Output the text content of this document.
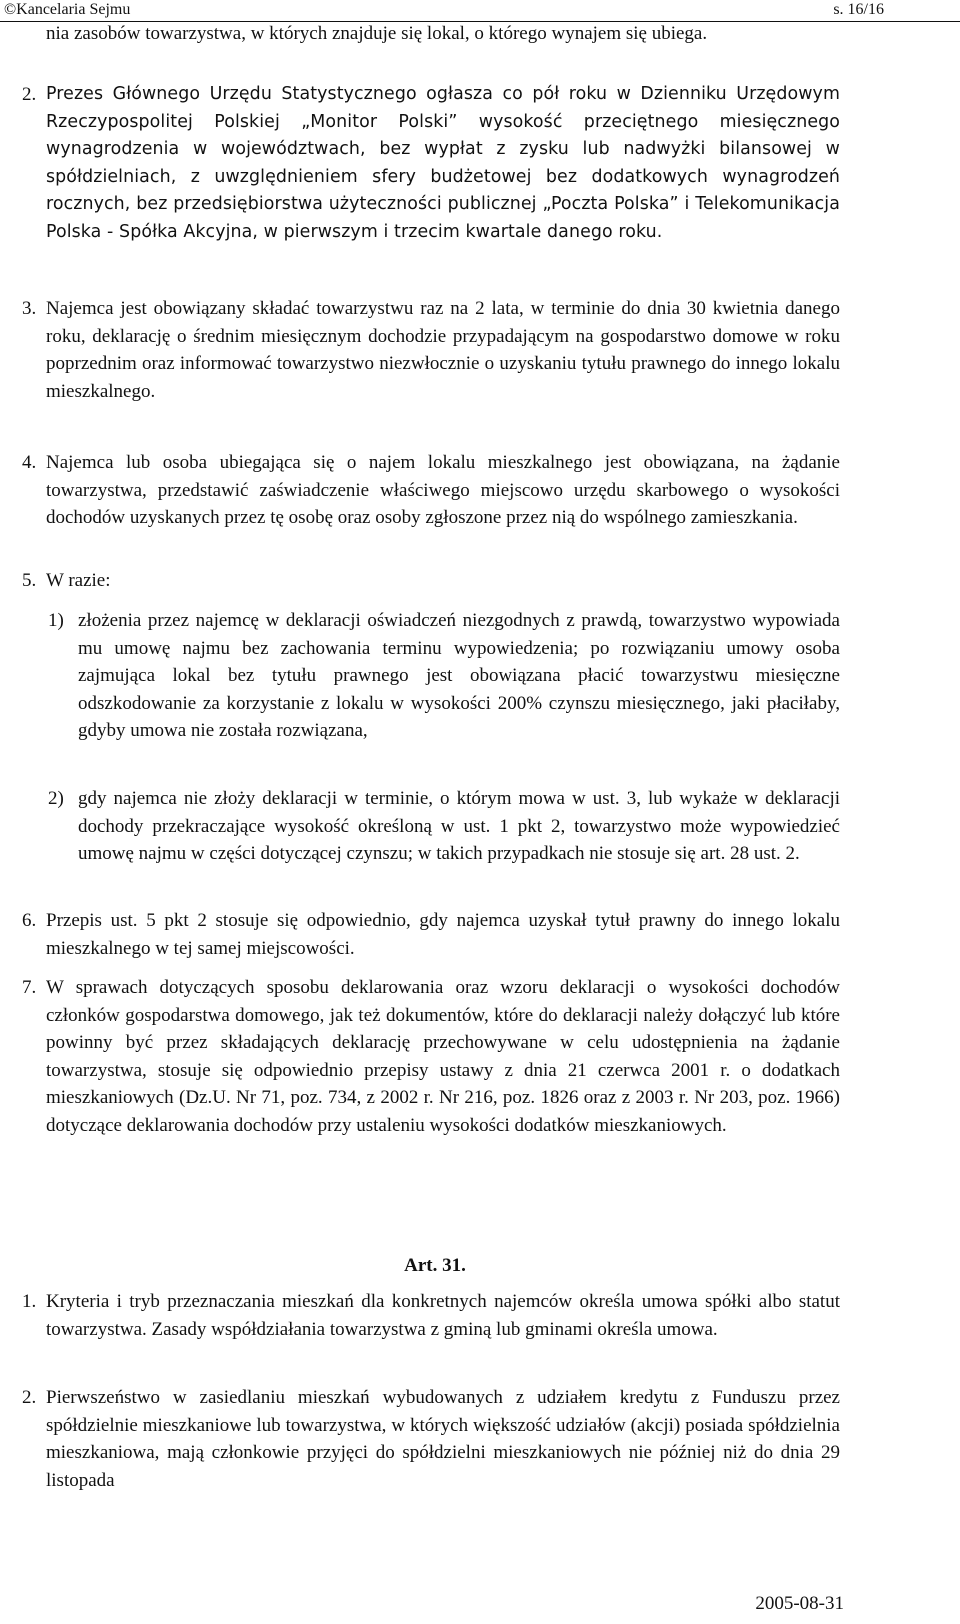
©Kancelaria Sejmu	s. 16/16

nia zasobów towarzystwa, w których znajduje się lokal, o którego wynajem się ubiega.

2. Prezes Głównego Urzędu Statystycznego ogłasza co pół roku w Dzienniku Urzędowym Rzeczypospolitej Polskiej „Monitor Polski” wysokość przeciętnego miesięcznego wynagrodzenia w województwach, bez wypłat z zysku lub nadwyżki bilansowej w spółdzielniach, z uwzględnieniem sfery budżetowej bez dodatkowych wynagrodzeń rocznych, bez przedsiębiorstwa użyteczności publicznej „Poczta Polska” i Telekomunikacja Polska - Spółka Akcyjna, w pierwszym i trzecim kwartale danego roku.

3. Najemca jest obowiązany składać towarzystwu raz na 2 lata, w terminie do dnia 30 kwietnia danego roku, deklarację o średnim miesięcznym dochodzie przypadającym na gospodarstwo domowe w roku poprzednim oraz informować towarzystwo niezwłocznie o uzyskaniu tytułu prawnego do innego lokalu mieszkalnego.

4. Najemca lub osoba ubiegająca się o najem lokalu mieszkalnego jest obowiązana, na żądanie towarzystwa, przedstawić zaświadczenie właściwego miejscowo urzędu skarbowego o wysokości dochodów uzyskanych przez tę osobę oraz osoby zgłoszone przez nią do wspólnego zamieszkania.

5. W razie:

1) złożenia przez najemcę w deklaracji oświadczeń niezgodnych z prawdą, towarzystwo wypowiada mu umowę najmu bez zachowania terminu wypowiedzenia; po rozwiązaniu umowy osoba zajmująca lokal bez tytułu prawnego jest obowiązana płacić towarzystwu miesięczne odszkodowanie za korzystanie z lokalu w wysokości 200% czynszu miesięcznego, jaki płaciłaby, gdyby umowa nie została rozwiązana,

2) gdy najemca nie złoży deklaracji w terminie, o którym mowa w ust. 3, lub wykaże w deklaracji dochody przekraczające wysokość określoną w ust. 1 pkt 2, towarzystwo może wypowiedzieć umowę najmu w części dotyczącej czynszu; w takich przypadkach nie stosuje się art. 28 ust. 2.

6. Przepis ust. 5 pkt 2 stosuje się odpowiednio, gdy najemca uzyskał tytuł prawny do innego lokalu mieszkalnego w tej samej miejscowości.

7. W sprawach dotyczących sposobu deklarowania oraz wzoru deklaracji o wysokości dochodów członków gospodarstwa domowego, jak też dokumentów, które do deklaracji należy dołączyć lub które powinny być przez składających deklarację przechowywane w celu udostępnienia na żądanie towarzystwa, stosuje się odpowiednio przepisy ustawy z dnia 21 czerwca 2001 r. o dodatkach mieszkaniowych (Dz.U. Nr 71, poz. 734, z 2002 r. Nr 216, poz. 1826 oraz z 2003 r. Nr 203, poz. 1966) dotyczące deklarowania dochodów przy ustaleniu wysokości dodatków mieszkaniowych.

Art. 31.
1. Kryteria i tryb przeznaczania mieszkań dla konkretnych najemców określa umowa spółki albo statut towarzystwa. Zasady współdziałania towarzystwa z gminą lub gminami określa umowa.

2. Pierwszeństwo w zasiedlaniu mieszkań wybudowanych z udziałem kredytu z Funduszu przez spółdzielnie mieszkaniowe lub towarzystwa, w których większość udziałów (akcji) posiada spółdzielnia mieszkaniowa, mają członkowie przyjęci do spółdzielni mieszkaniowych nie później niż do dnia 29 listopada

2005-08-31
